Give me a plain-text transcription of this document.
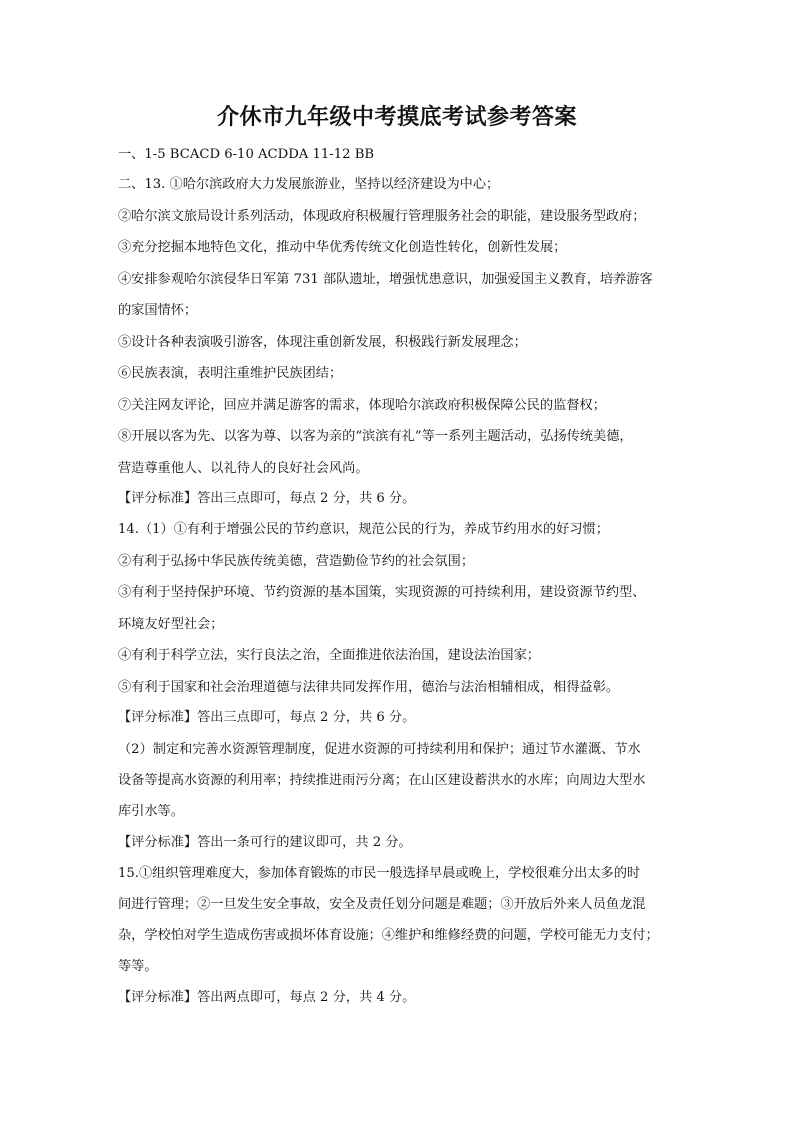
介休市九年级中考摸底考试参考答案
一、1-5 BCACD 6-10 ACDDA 11-12 BB
二、13. ①哈尔滨政府大力发展旅游业，坚持以经济建设为中心；
②哈尔滨文旅局设计系列活动，体现政府积极履行管理服务社会的职能，建设服务型政府；
③充分挖掘本地特色文化，推动中华优秀传统文化创造性转化，创新性发展；
④安排参观哈尔滨侵华日军第 731 部队遗址，增强忧患意识，加强爱国主义教育，培养游客
的家国情怀；
⑤设计各种表演吸引游客，体现注重创新发展，积极践行新发展理念；
⑥民族表演，表明注重维护民族团结；
⑦关注网友评论，回应并满足游客的需求，体现哈尔滨政府积极保障公民的监督权；
⑧开展以客为先、以客为尊、以客为亲的“滨滨有礼”等一系列主题活动，弘扬传统美德，
营造尊重他人、以礼待人的良好社会风尚。
【评分标准】答出三点即可，每点 2 分，共 6 分。
14.（1）①有利于增强公民的节约意识，规范公民的行为，养成节约用水的好习惯；
②有利于弘扬中华民族传统美德，营造勤俭节约的社会氛围；
③有利于坚持保护环境、节约资源的基本国策，实现资源的可持续利用，建设资源节约型、
环境友好型社会；
④有利于科学立法，实行良法之治，全面推进依法治国，建设法治国家；
⑤有利于国家和社会治理道德与法律共同发挥作用，德治与法治相辅相成，相得益彰。
【评分标准】答出三点即可，每点 2 分，共 6 分。
（2）制定和完善水资源管理制度，促进水资源的可持续利用和保护；通过节水灌溉、节水
设备等提高水资源的利用率；持续推进雨污分离；在山区建设蓄洪水的水库；向周边大型水
库引水等。
【评分标准】答出一条可行的建议即可，共 2 分。
15.①组织管理难度大，参加体育锻炼的市民一般选择早晨或晚上，学校很难分出太多的时
间进行管理；②一旦发生安全事故，安全及责任划分问题是难题；③开放后外来人员鱼龙混
杂，学校怕对学生造成伤害或损坏体育设施；④维护和维修经费的问题，学校可能无力支付；
等等。
【评分标准】答出两点即可，每点 2 分，共 4 分。
